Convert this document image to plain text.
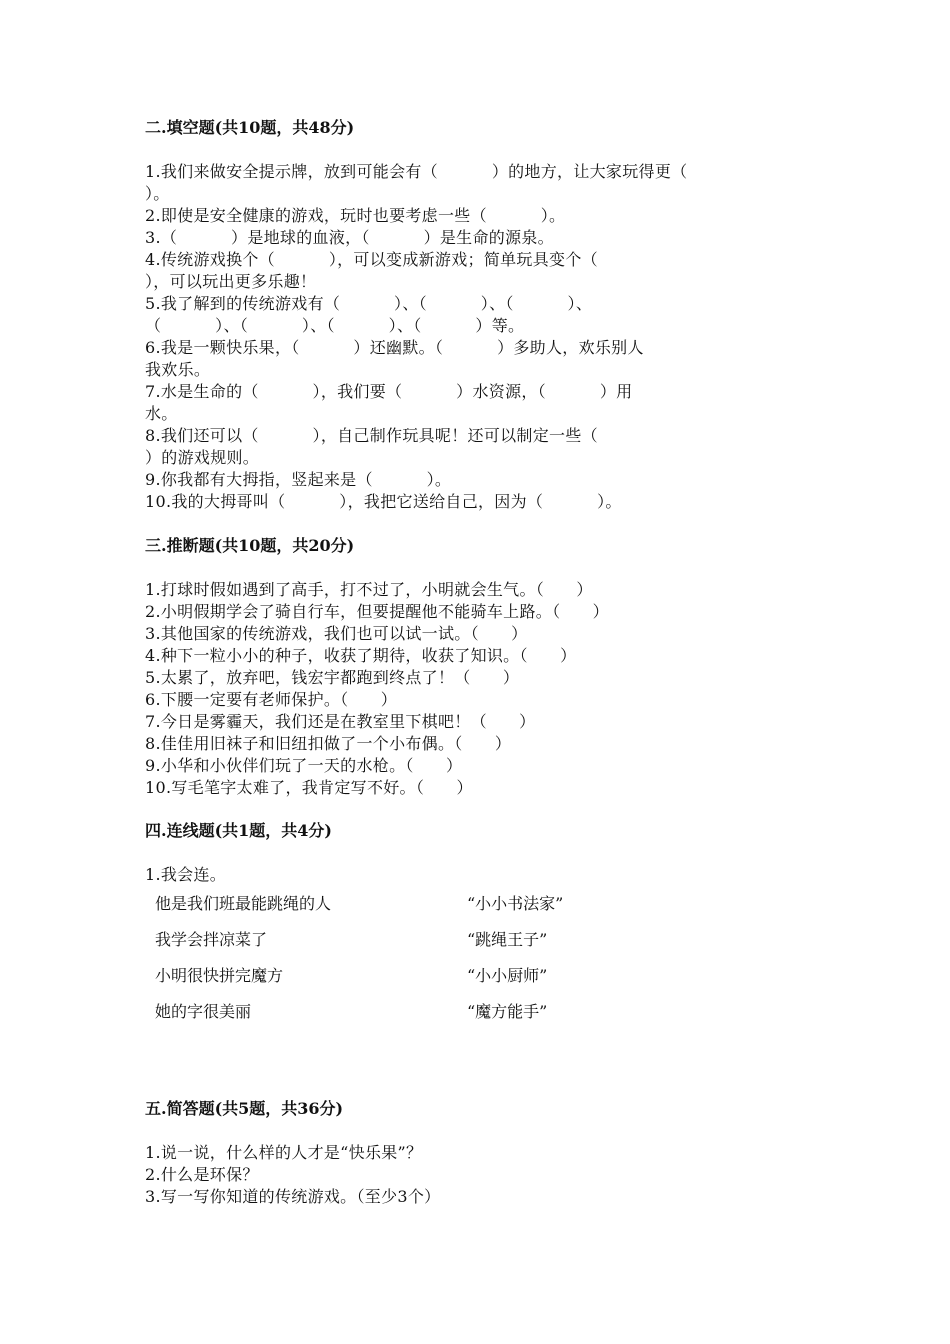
二.填空题(共10题，共48分)
1.我们来做安全提示牌，放到可能会有（          ）的地方，让大家玩得更（
）。
2.即使是安全健康的游戏，玩时也要考虑一些（          ）。
3.（          ）是地球的血液，（          ）是生命的源泉。
4.传统游戏换个（          ），可以变成新游戏；简单玩具变个（
），可以玩出更多乐趣！
5.我了解到的传统游戏有（          ）、（          ）、（          ）、
（          ）、（          ）、（          ）、（          ）等。
6.我是一颗快乐果，（          ）还幽默。（          ）多助人，欢乐别人
我欢乐。
7.水是生命的（          ），我们要（          ）水资源，（          ）用
水。
8.我们还可以（          ），自己制作玩具呢！还可以制定一些（
）的游戏规则。
9.你我都有大拇指，竖起来是（          ）。
10.我的大拇哥叫（          ），我把它送给自己，因为（          ）。
三.推断题(共10题，共20分)
1.打球时假如遇到了高手，打不过了，小明就会生气。（      ）
2.小明假期学会了骑自行车，但要提醒他不能骑车上路。（      ）
3.其他国家的传统游戏，我们也可以试一试。（      ）
4.种下一粒小小的种子，收获了期待，收获了知识。（      ）
5.太累了，放弃吧，钱宏宇都跑到终点了！（      ）
6.下腰一定要有老师保护。（      ）
7.今日是雾霾天，我们还是在教室里下棋吧！（      ）
8.佳佳用旧袜子和旧纽扣做了一个小布偶。（      ）
9.小华和小伙伴们玩了一天的水枪。（      ）
10.写毛笔字太难了，我肯定写不好。（      ）
四.连线题(共1题，共4分)
1.我会连。
他是我们班最能跳绳的人	“小小书法家”
我学会拌凉菜了	“跳绳王子”
小明很快拼完魔方	“小小厨师”
她的字很美丽	“魔方能手”
五.简答题(共5题，共36分)
1.说一说，什么样的人才是“快乐果”？
2.什么是环保？
3.写一写你知道的传统游戏。（至少3个）
